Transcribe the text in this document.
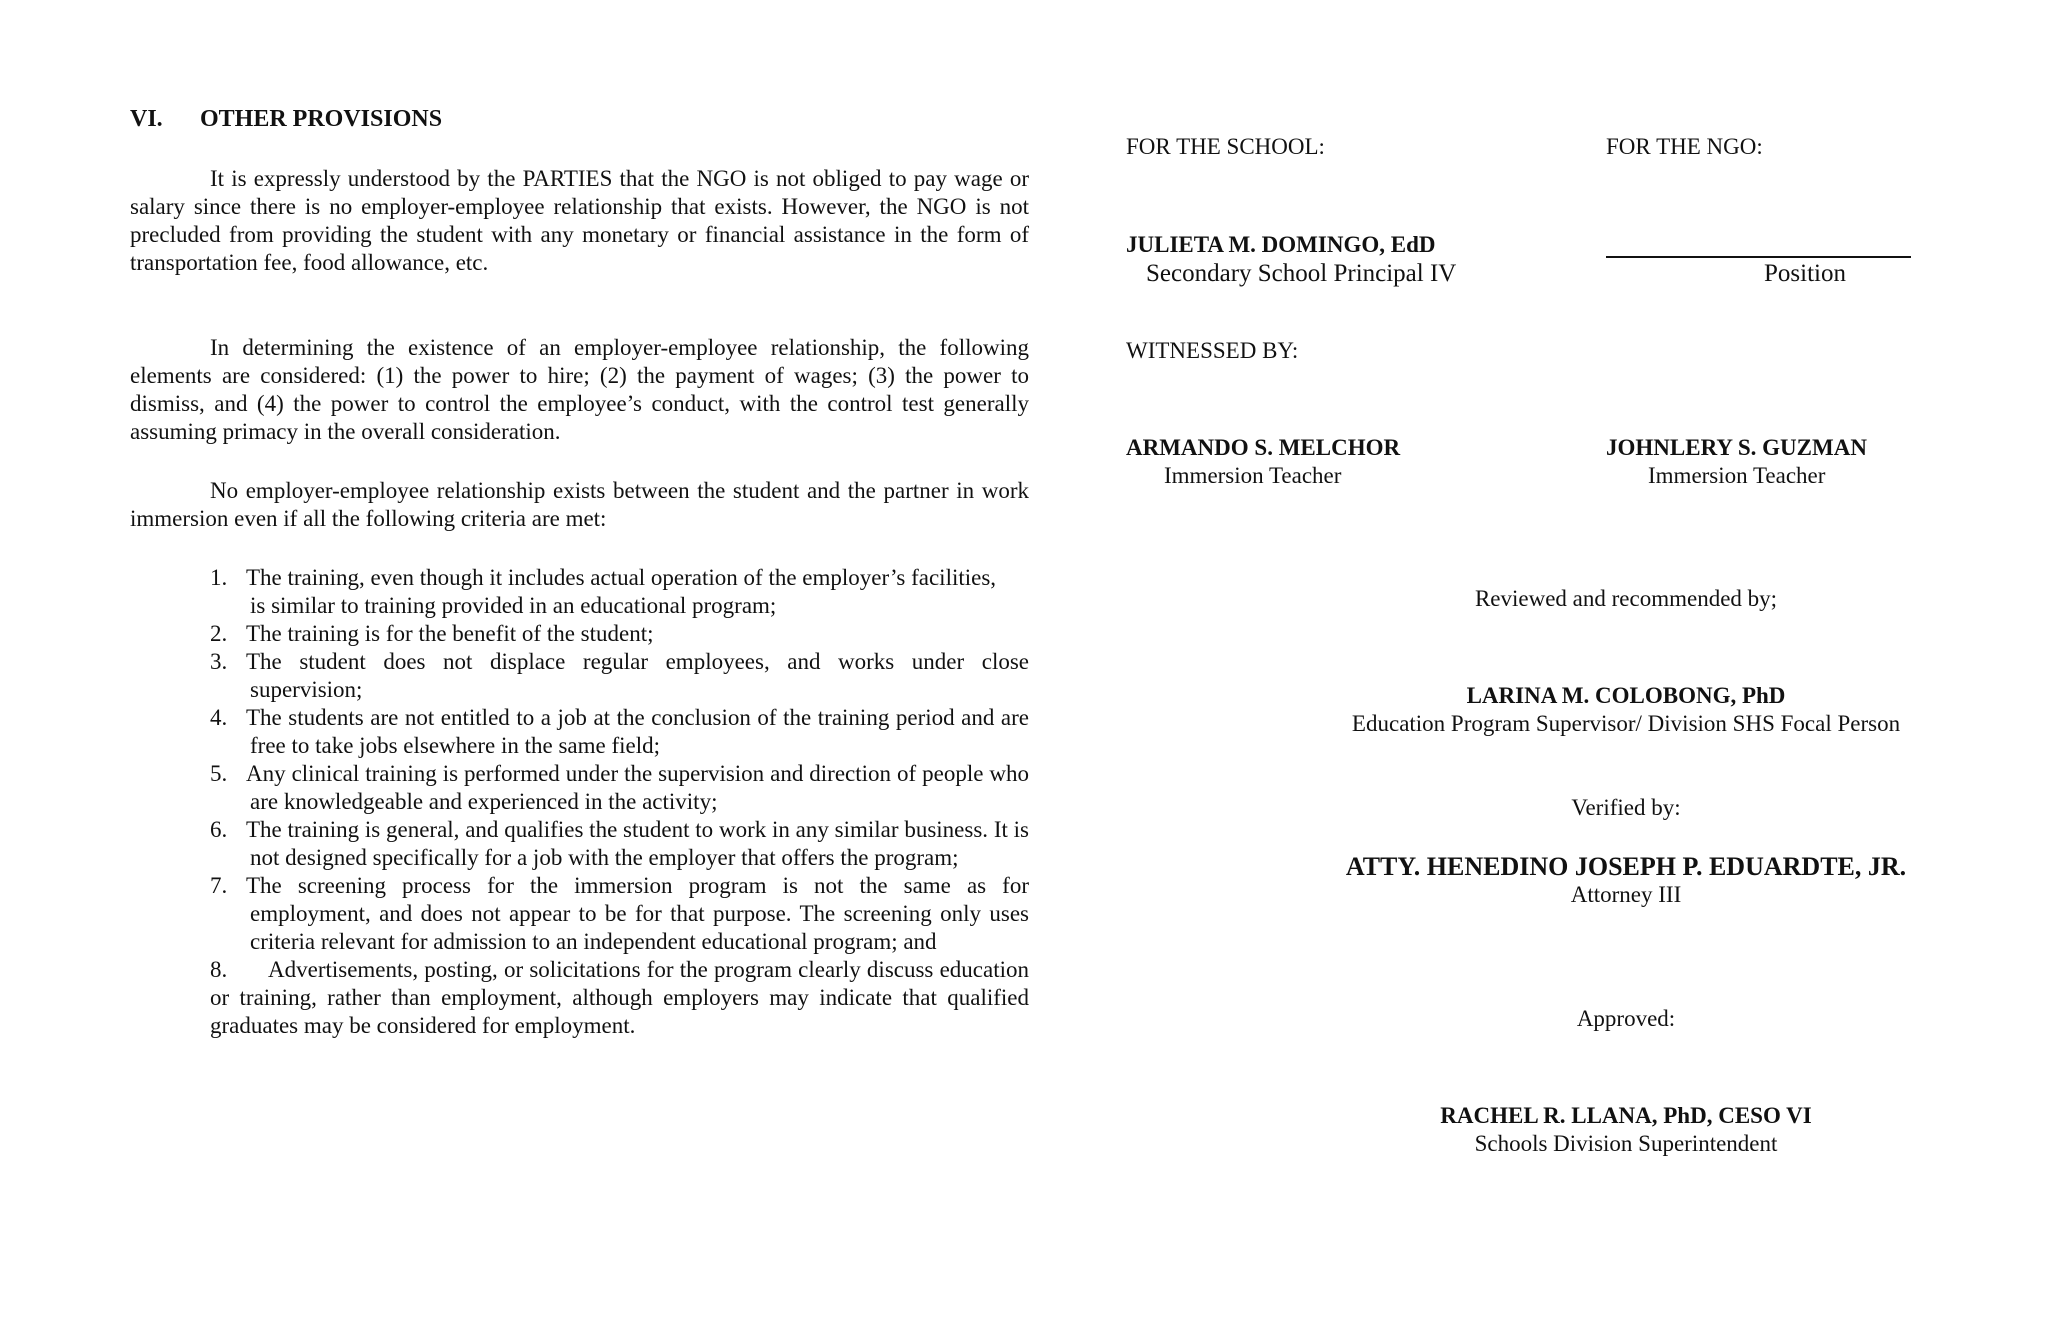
VI. OTHER PROVISIONS

It is expressly understood by the PARTIES that the NGO is not obliged to pay wage or salary since there is no employer-employee relationship that exists. However, the NGO is not precluded from providing the student with any monetary or financial assistance in the form of transportation fee, food allowance, etc.

In determining the existence of an employer-employee relationship, the following elements are considered: (1) the power to hire; (2) the payment of wages; (3) the power to dismiss, and (4) the power to control the employee’s conduct, with the control test generally assuming primacy in the overall consideration.

No employer-employee relationship exists between the student and the partner in work immersion even if all the following criteria are met:

1. The training, even though it includes actual operation of the employer’s facilities,
is similar to training provided in an educational program;
2. The training is for the benefit of the student;
3. The student does not displace regular employees, and works under close supervision;
4. The students are not entitled to a job at the conclusion of the training period and are free to take jobs elsewhere in the same field;
5. Any clinical training is performed under the supervision and direction of people who are knowledgeable and experienced in the activity;
6. The training is general, and qualifies the student to work in any similar business. It is not designed specifically for a job with the employer that offers the program;
7. The screening process for the immersion program is not the same as for employment, and does not appear to be for that purpose. The screening only uses criteria relevant for admission to an independent educational program; and
8. Advertisements, posting, or solicitations for the program clearly discuss education or training, rather than employment, although employers may indicate that qualified graduates may be considered for employment.
FOR THE SCHOOL:	FOR THE NGO:
JULIETA M. DOMINGO, EdD
Secondary School Principal IV	Position
WITNESSED BY:
ARMANDO S. MELCHOR
Immersion Teacher
JOHNLERY S. GUZMAN
Immersion Teacher
Reviewed and recommended by;
LARINA M. COLOBONG, PhD
Education Program Supervisor/ Division SHS Focal Person
Verified by:
ATTY. HENEDINO JOSEPH P. EDUARDTE, JR.
Attorney III
Approved:
RACHEL R. LLANA, PhD, CESO VI
Schools Division Superintendent
